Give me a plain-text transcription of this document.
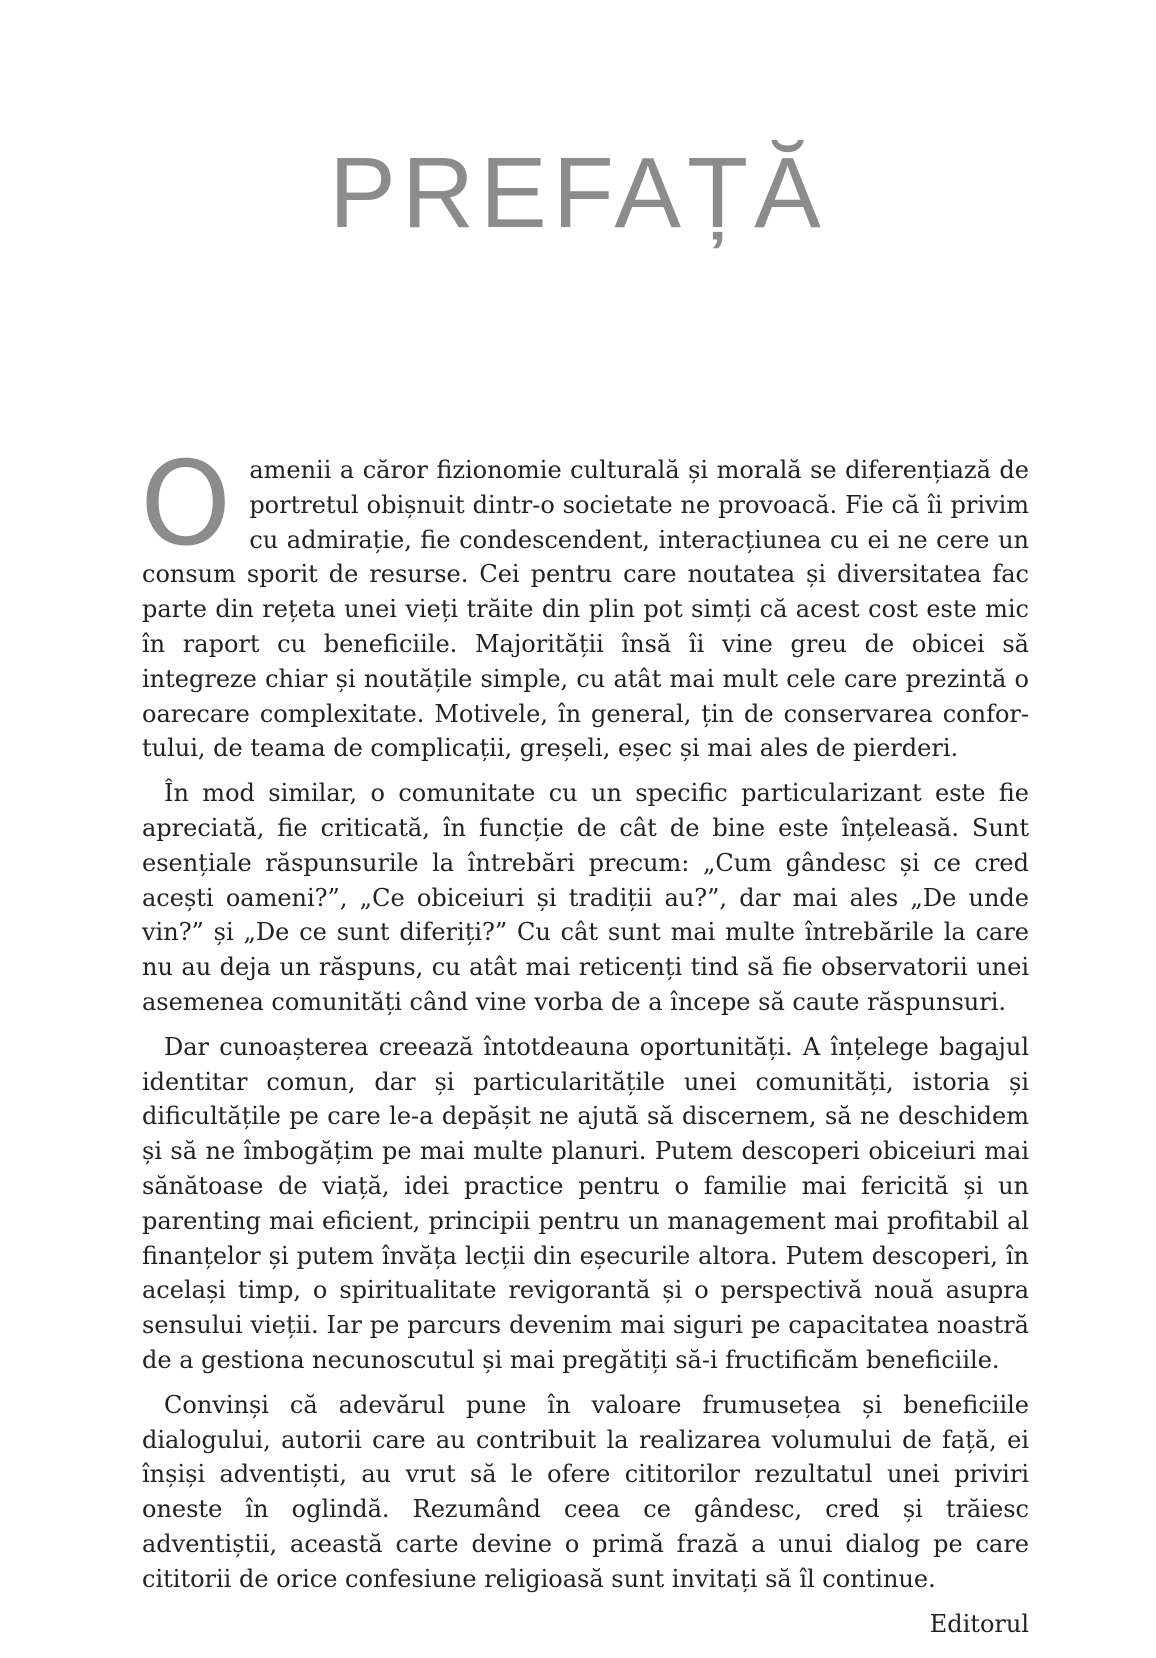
PREFAȚĂ

Oamenii a căror fizionomie culturală și morală se diferențiază de portretul obișnuit dintr-o societate ne provoacă. Fie că îi privim cu admirație, fie condescendent, interacțiunea cu ei ne cere un consum sporit de resurse. Cei pentru care noutatea și diversitatea fac parte din rețeta unei vieți trăite din plin pot simți că acest cost este mic în raport cu beneficiile. Majorității însă îi vine greu de obicei să integreze chiar și noutățile simple, cu atât mai mult cele care prezintă o oarecare complexitate. Motivele, în general, țin de conservarea confortului, de teama de complicații, greșeli, eșec și mai ales de pierderi.

În mod similar, o comunitate cu un specific particularizant este fie apreciată, fie criticată, în funcție de cât de bine este înțeleasă. Sunt esențiale răspunsurile la întrebări precum: „Cum gândesc și ce cred acești oameni?”, „Ce obiceiuri și tradiții au?”, dar mai ales „De unde vin?” și „De ce sunt diferiți?” Cu cât sunt mai multe întrebările la care nu au deja un răspuns, cu atât mai reticenți tind să fie observatorii unei asemenea comunități când vine vorba de a începe să caute răspunsuri.

Dar cunoașterea creează întotdeauna oportunități. A înțelege bagajul identitar comun, dar și particularitățile unei comunități, istoria și dificultățile pe care le-a depășit ne ajută să discernem, să ne deschidem și să ne îmbogățim pe mai multe planuri. Putem descoperi obiceiuri mai sănătoase de viață, idei practice pentru o familie mai fericită și un parenting mai eficient, principii pentru un management mai profitabil al finanțelor și putem învăța lecții din eșecurile altora. Putem descoperi, în același timp, o spiritualitate revigorantă și o perspectivă nouă asupra sensului vieții. Iar pe parcurs devenim mai siguri pe capacitatea noastră de a gestiona necunoscutul și mai pregătiți să-i fructificăm beneficiile.

Convinși că adevărul pune în valoare frumusețea și beneficiile dialogului, autorii care au contribuit la realizarea volumului de față, ei înșiși adventiști, au vrut să le ofere cititorilor rezultatul unei priviri oneste în oglindă. Rezumând ceea ce gândesc, cred și trăiesc adventiștii, această carte devine o primă frază a unui dialog pe care cititorii de orice confesiune religioasă sunt invitați să îl continue.

Editorul
